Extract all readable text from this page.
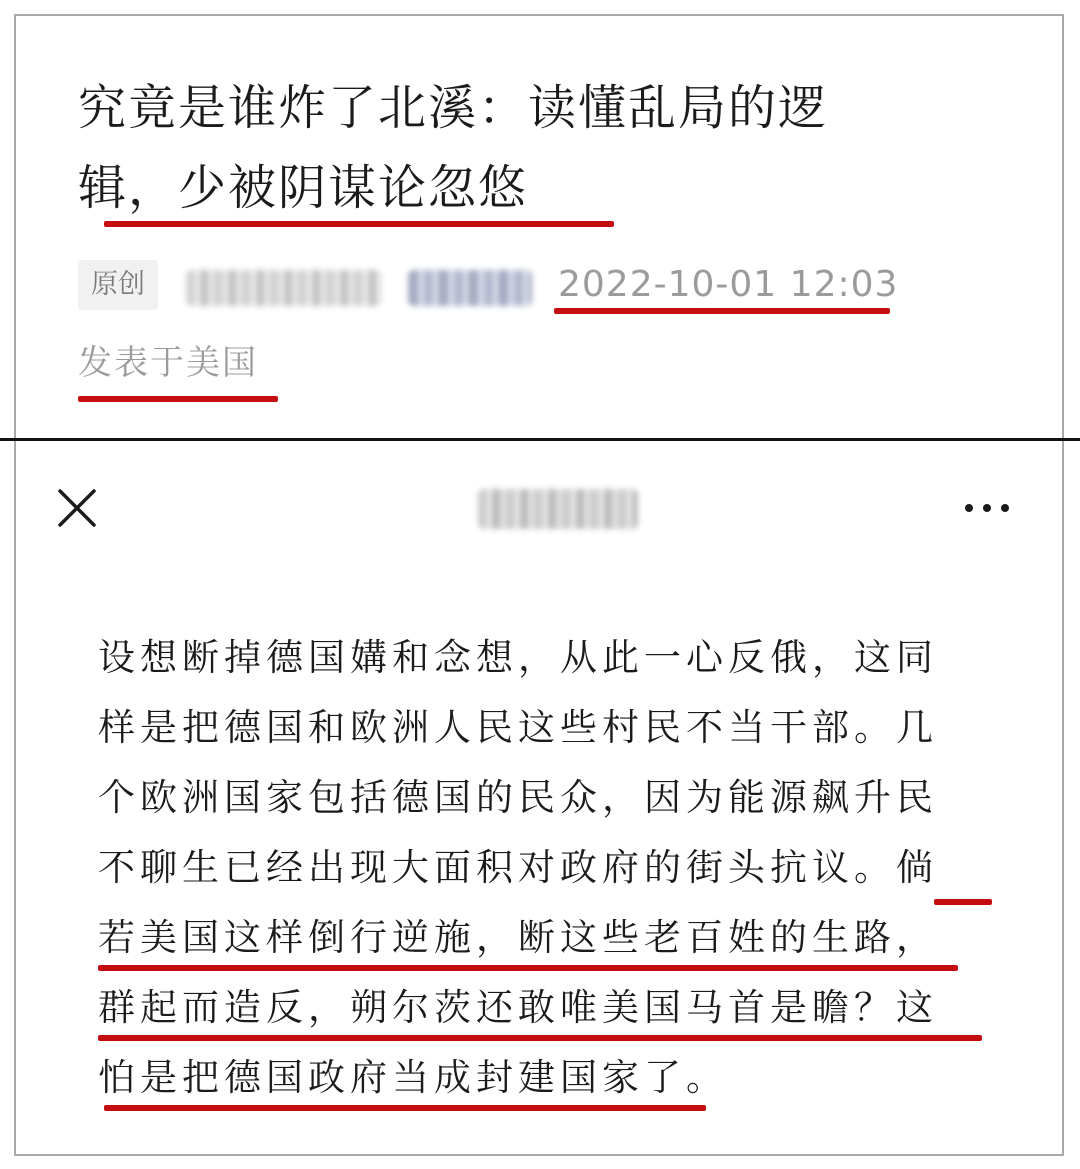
究竟是谁炸了北溪：读懂乱局的逻
辑，少被阴谋论忽悠
原创	2022-10-01 12:03
发表于美国

设想断掉德国媾和念想，从此一心反俄，这同
样是把德国和欧洲人民这些村民不当干部。几
个欧洲国家包括德国的民众，因为能源飙升民
不聊生已经出现大面积对政府的街头抗议。倘
若美国这样倒行逆施，断这些老百姓的生路，
群起而造反，朔尔茨还敢唯美国马首是瞻？这
怕是把德国政府当成封建国家了。
